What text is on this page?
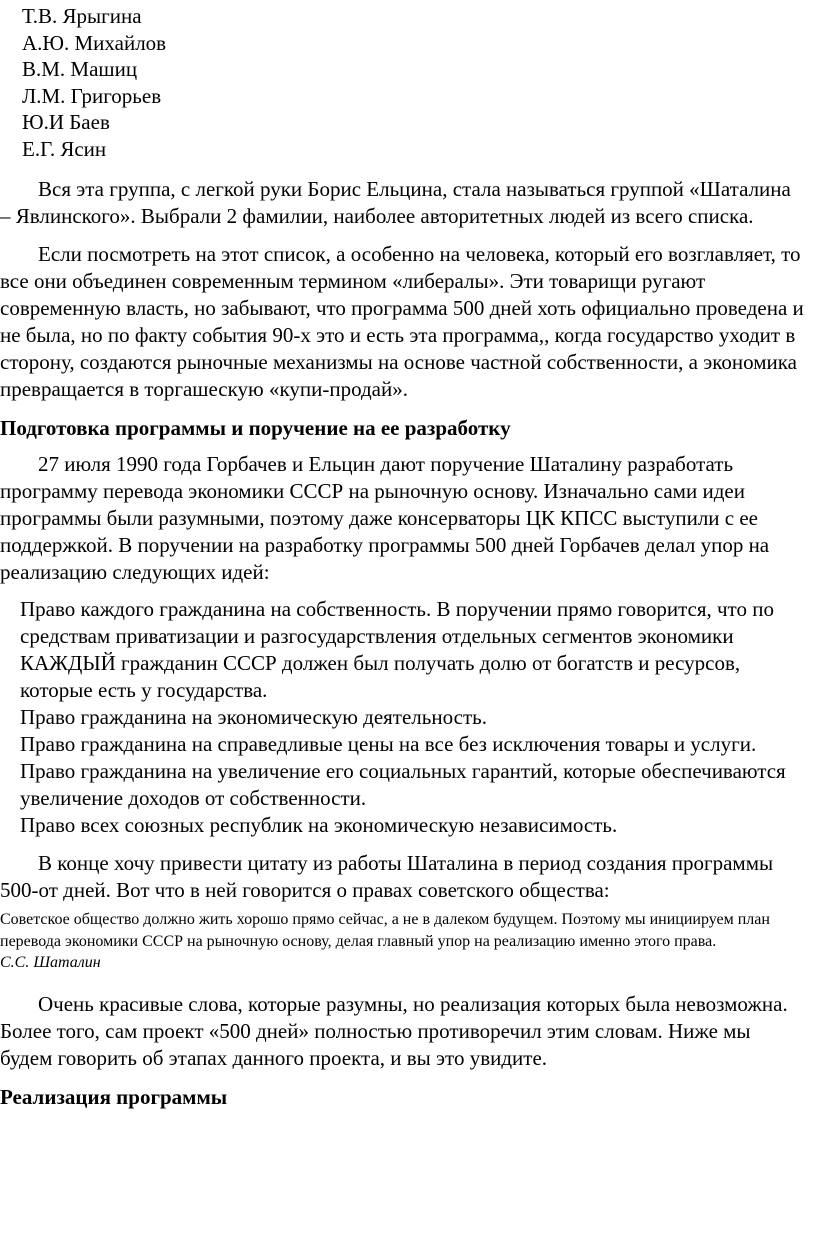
Т.В. Ярыгина
А.Ю. Михайлов
В.М. Машиц
Л.М. Григорьев
Ю.И Баев
Е.Г. Ясин

Вся эта группа, с легкой руки Борис Ельцина, стала называться группой «Шаталина – Явлинского». Выбрали 2 фамилии, наиболее авторитетных людей из всего списка.

Если посмотреть на этот список, а особенно на человека, который его возглавляет, то все они объединен современным термином «либералы». Эти товарищи ругают современную власть, но забывают, что программа 500 дней хоть официально проведена и не была, но по факту события 90-х это и есть эта программа,, когда государство уходит в сторону, создаются рыночные механизмы на основе частной собственности, а экономика превращается в торгашескую «купи-продай».

Подготовка программы и поручение на ее разработку

27 июля 1990 года Горбачев и Ельцин дают поручение Шаталину разработать программу перевода экономики СССР на рыночную основу. Изначально сами идеи программы были разумными, поэтому даже консерваторы ЦК КПСС выступили с ее поддержкой. В поручении на разработку программы 500 дней Горбачев делал упор на реализацию следующих идей:

Право каждого гражданина на собственность. В поручении прямо говорится, что по средствам приватизации и разгосударствления отдельных сегментов экономики КАЖДЫЙ гражданин СССР должен был получать долю от богатств и ресурсов, которые есть у государства.
Право гражданина на экономическую деятельность.
Право гражданина на справедливые цены на все без исключения товары и услуги.
Право гражданина на увеличение его социальных гарантий, которые обеспечиваются увеличение доходов от собственности.
Право всех союзных республик на экономическую независимость.

В конце хочу привести цитату из работы Шаталина в период создания программы 500-от дней. Вот что в ней говорится о правах советского общества:

Советское общество должно жить хорошо прямо сейчас, а не в далеком будущем. Поэтому мы инициируем план перевода экономики СССР на рыночную основу, делая главный упор на реализацию именно этого права.

С.С. Шаталин

Очень красивые слова, которые разумны, но реализация которых была невозможна. Более того, сам проект «500 дней» полностью противоречил этим словам. Ниже мы будем говорить об этапах данного проекта, и вы это увидите.

Реализация программы
